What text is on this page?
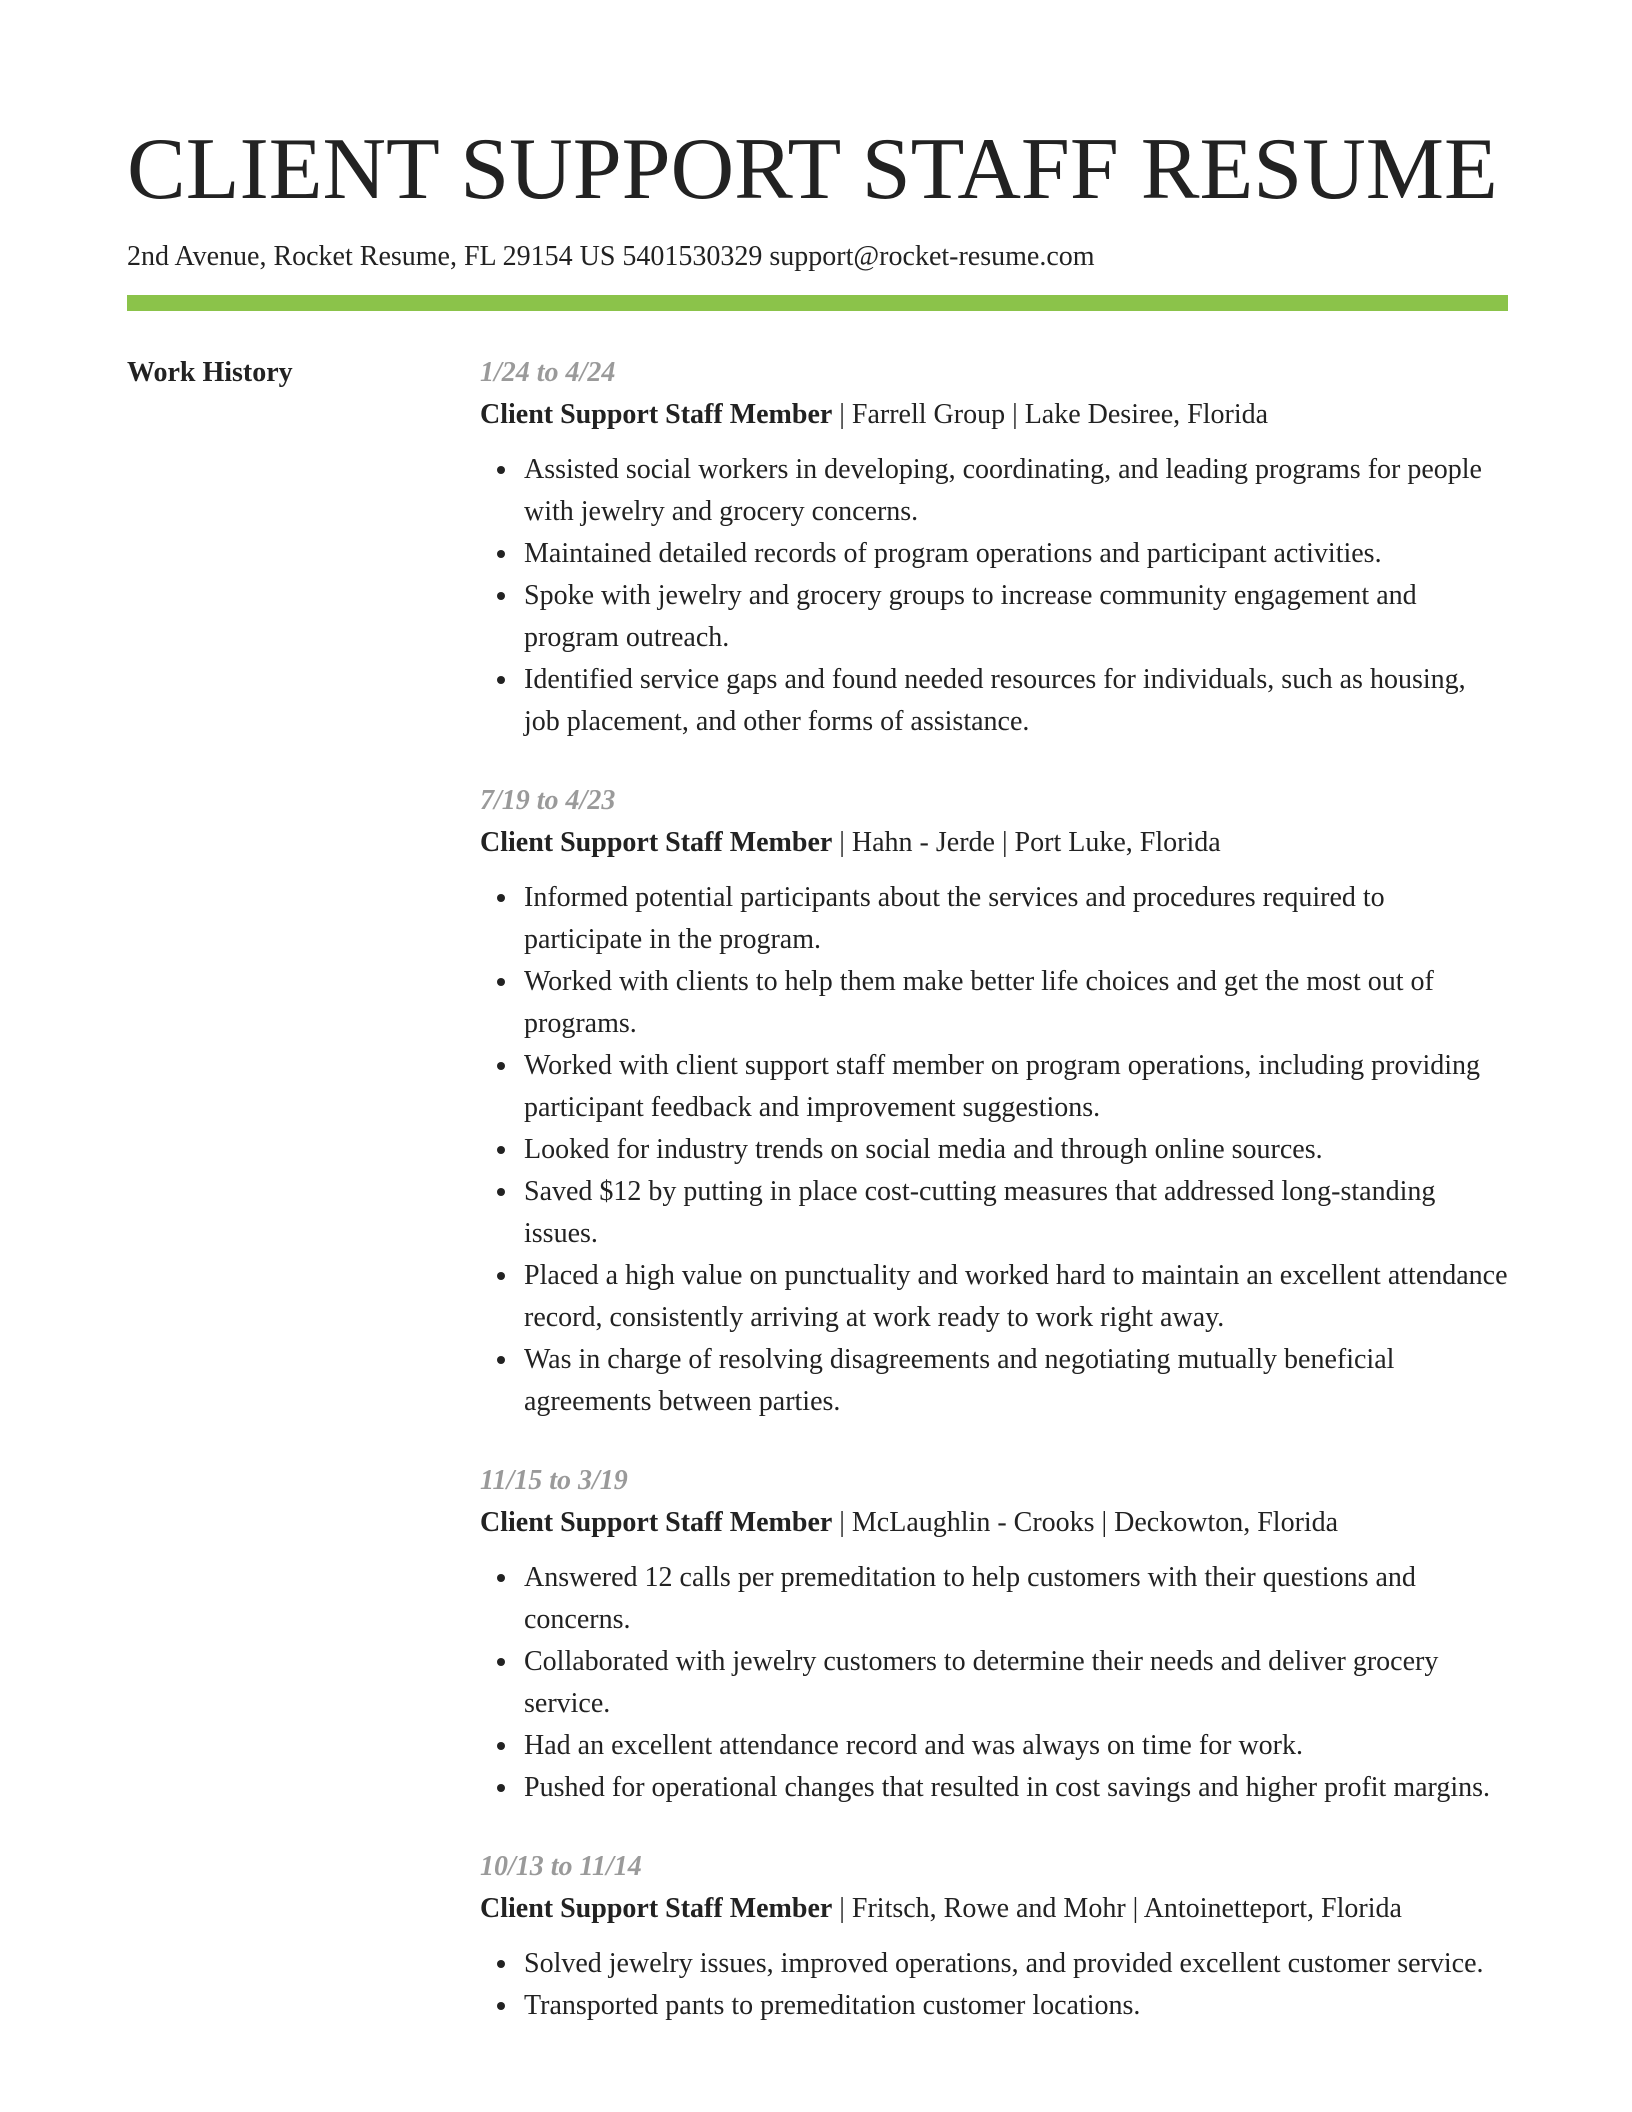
CLIENT SUPPORT STAFF RESUME
2nd Avenue, Rocket Resume, FL 29154 US 5401530329 support@rocket-resume.com
Work History	1/24 to 4/24
Client Support Staff Member | Farrell Group | Lake Desiree, Florida
Assisted social workers in developing, coordinating, and leading programs for people with jewelry and grocery concerns.
Maintained detailed records of program operations and participant activities.
Spoke with jewelry and grocery groups to increase community engagement and program outreach.
Identified service gaps and found needed resources for individuals, such as housing, job placement, and other forms of assistance.
7/19 to 4/23
Client Support Staff Member | Hahn - Jerde | Port Luke, Florida
Informed potential participants about the services and procedures required to participate in the program.
Worked with clients to help them make better life choices and get the most out of programs.
Worked with client support staff member on program operations, including providing participant feedback and improvement suggestions.
Looked for industry trends on social media and through online sources.
Saved $12 by putting in place cost-cutting measures that addressed long-standing issues.
Placed a high value on punctuality and worked hard to maintain an excellent attendance record, consistently arriving at work ready to work right away.
Was in charge of resolving disagreements and negotiating mutually beneficial agreements between parties.
11/15 to 3/19
Client Support Staff Member | McLaughlin - Crooks | Deckowton, Florida
Answered 12 calls per premeditation to help customers with their questions and concerns.
Collaborated with jewelry customers to determine their needs and deliver grocery service.
Had an excellent attendance record and was always on time for work.
Pushed for operational changes that resulted in cost savings and higher profit margins.
10/13 to 11/14
Client Support Staff Member | Fritsch, Rowe and Mohr | Antoinetteport, Florida
Solved jewelry issues, improved operations, and provided excellent customer service.
Transported pants to premeditation customer locations.
